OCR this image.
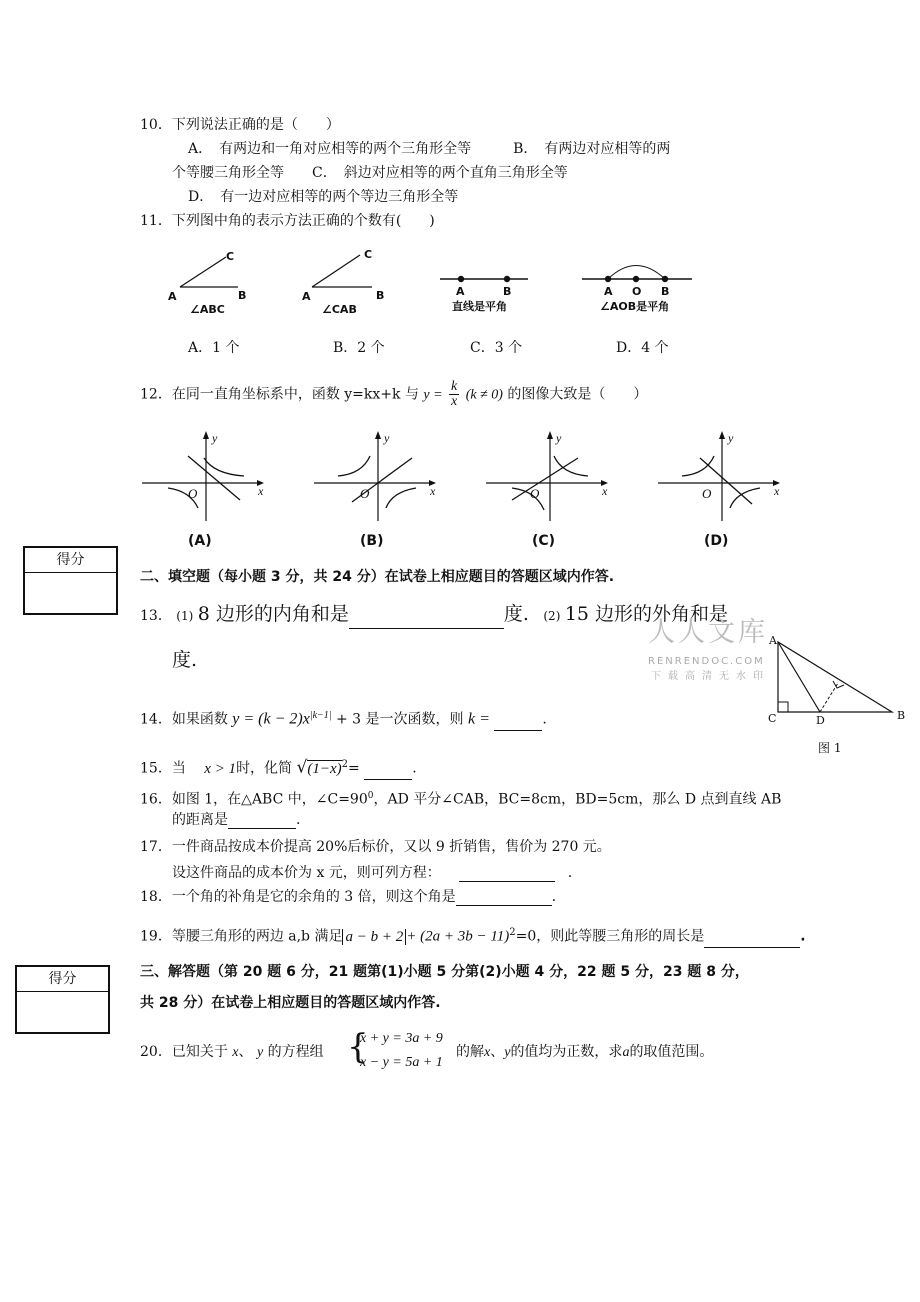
10．下列说法正确的是（　　）
A．　有两边和一角对应相等的两个三角形全等　　　B．　有两边对应相等的两
个等腰三角形全等　　C．　斜边对应相等的两个直角三角形全等
D．　有一边对应相等的两个等边三角形全等
11．下列图中角的表示方法正确的个数有(　　)
C
A	B
∠ABC
C
A	B
∠CAB
A	B
直线是平角
A O B
∠AOB是平角
A．1 个	B．2 个	C．3 个	D．4 个
12．在同一直角坐标系中，函数 y=kx+k 与 $y = \frac{k}{x} (k \ne 0)$ 的图像大致是（　　）
y
x
O
(A)
y
x
O
(B)
y
x
O
(C)
y
x
O
(D)
得分
二、填空题（每小题 3 分，共 24 分）在试卷上相应题目的答题区域内作答.
13． (1) 8 边形的内角和是	度. (2) 15 边形的外角和是
度.
人人文库
RENRENDOC.COM
下载高清无水印
A
C	D	B
图 1
14．如果函数 $y = (k - 2)x^{|k-1|} + 3$ 是一次函数，则 k =	.
15．当 x > 1时，化简 $√(1-x)^2=$	.
16．如图 1，在△ABC 中，$\angle C=90^0$，AD 平分∠CAB，BC=8cm，BD=5cm，那么 D 点到直线 AB
的距离是	.
17．一件商品按成本价提高 20%后标价，又以 9 折销售，售价为 270 元。
设这件商品的成本价为 x 元，则可列方程：	.
18．一个角的补角是它的余角的 3 倍，则这个角是	.
19．等腰三角形的两边 a,b 满足 $a - b + 2 + (2a + 3b - 11)^2=0$，则此等腰三角形的周长是	.
得分	三、解答题（第 20 题 6 分，21 题第(1)小题 5 分第(2)小题 4 分，22 题 5 分，23 题 8 分，
共 28 分）在试卷上相应题目的答题区域内作答.
20．已知关于 x、 y 的方程组 {
x + y = 3a + 9
x − y = 5a + 1
的解x、y的值均为正数，求a的取值范围。
